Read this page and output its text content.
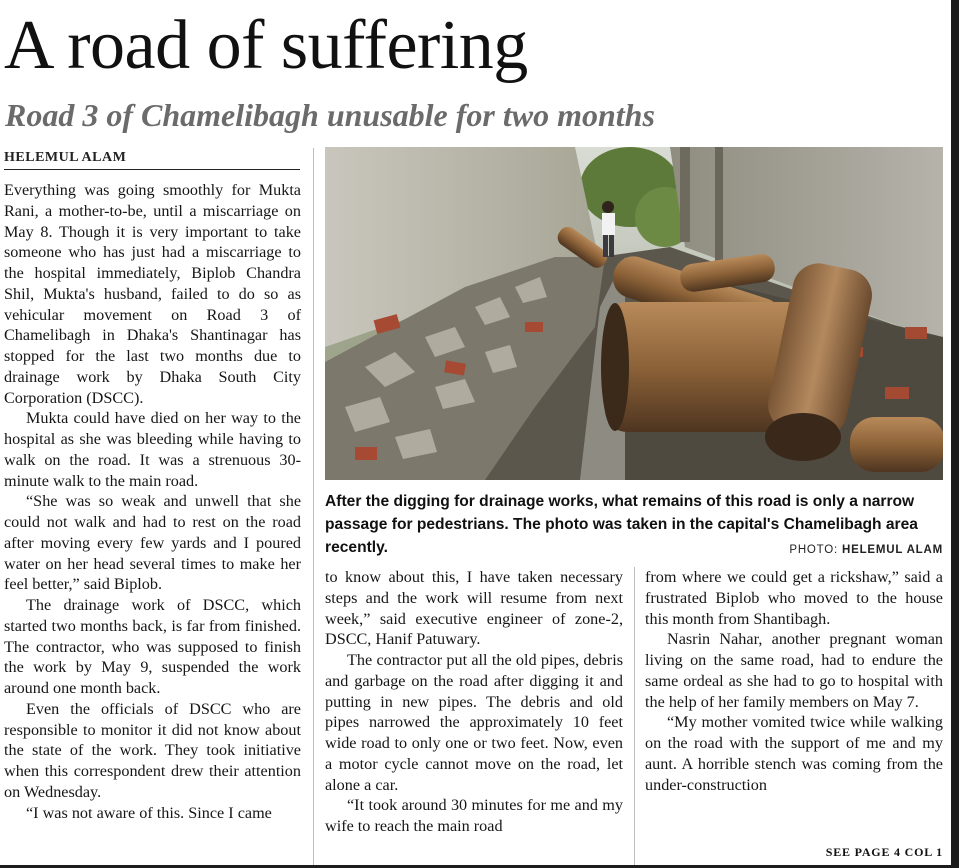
A road of suffering
Road 3 of Chamelibagh unusable for two months
HELEMUL ALAM

Everything was going smoothly for Mukta Rani, a mother-to-be, until a miscarriage on May 8. Though it is very important to take someone who has just had a miscarriage to the hospital immediately, Biplob Chandra Shil, Mukta's husband, failed to do so as vehicular movement on Road 3 of Chamelibagh in Dhaka's Shantinagar has stopped for the last two months due to drainage work by Dhaka South City Corporation (DSCC).

Mukta could have died on her way to the hospital as she was bleeding while having to walk on the road. It was a strenuous 30-minute walk to the main road.

“She was so weak and unwell that she could not walk and had to rest on the road after moving every few yards and I poured water on her head several times to make her feel better,” said Biplob.

The drainage work of DSCC, which started two months back, is far from finished. The contractor, who was supposed to finish the work by May 9, suspended the work around one month back.

Even the officials of DSCC who are responsible to monitor it did not know about the state of the work. They took initiative when this correspondent drew their attention on Wednesday.

“I was not aware of this. Since I came

After the digging for drainage works, what remains of this road is only a narrow passage for pedestrians. The photo was taken in the capital's Chamelibagh area recently.	PHOTO: HELEMUL ALAM

to know about this, I have taken necessary steps and the work will resume from next week,” said executive engineer of zone-2, DSCC, Hanif Patuwary.

The contractor put all the old pipes, debris and garbage on the road after digging it and putting in new pipes. The debris and old pipes narrowed the approximately 10 feet wide road to only one or two feet. Now, even a motor cycle cannot move on the road, let alone a car.

“It took around 30 minutes for me and my wife to reach the main road

from where we could get a rickshaw,” said a frustrated Biplob who moved to the house this month from Shantibagh.

Nasrin Nahar, another pregnant woman living on the same road, had to endure the same ordeal as she had to go to hospital with the help of her family members on May 7.

“My mother vomited twice while walking on the road with the support of me and my aunt. A horrible stench was coming from the under-construction

SEE PAGE 4 COL 1
